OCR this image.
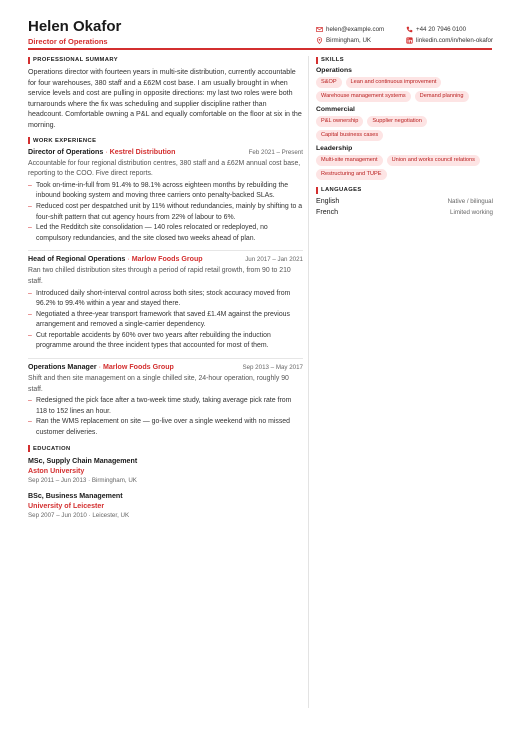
Helen Okafor
Director of Operations
helen@example.com	+44 20 7946 0100
Birmingham, UK	linkedin.com/in/helen-okafor
PROFESSIONAL SUMMARY

Operations director with fourteen years in multi-site distribution, currently accountable for four warehouses, 380 staff and a £62M cost base. I am usually brought in when service levels and cost are pulling in opposite directions: my last two roles were both turnarounds where the fix was scheduling and supplier discipline rather than headcount. Comfortable owning a P&L and equally comfortable on the floor at six in the morning.

WORK EXPERIENCE
Director of Operations · Kestrel Distribution	Feb 2021 – Present

Accountable for four regional distribution centres, 380 staff and a £62M annual cost base, reporting to the COO. Five direct reports.

– Took on-time-in-full from 91.4% to 98.1% across eighteen months by rebuilding the inbound booking system and moving three carriers onto penalty-backed SLAs.
– Reduced cost per despatched unit by 11% without redundancies, mainly by shifting to a four-shift pattern that cut agency hours from 22% of labour to 6%.
– Led the Redditch site consolidation — 140 roles relocated or redeployed, no compulsory redundancies, and the site closed two weeks ahead of plan.
Head of Regional Operations · Marlow Foods Group	Jun 2017 – Jan 2021

Ran two chilled distribution sites through a period of rapid retail growth, from 90 to 210 staff.

– Introduced daily short-interval control across both sites; stock accuracy moved from 96.2% to 99.4% within a year and stayed there.
– Negotiated a three-year transport framework that saved £1.4M against the previous arrangement and removed a single-carrier dependency.
– Cut reportable accidents by 60% over two years after rebuilding the induction programme around the three incident types that accounted for most of them.
Operations Manager · Marlow Foods Group	Sep 2013 – May 2017

Shift and then site management on a single chilled site, 24-hour operation, roughly 90 staff.

– Redesigned the pick face after a two-week time study, taking average pick rate from 118 to 152 lines an hour.
– Ran the WMS replacement on site — go-live over a single weekend with no missed customer deliveries.
EDUCATION
MSc, Supply Chain Management
Aston University
Sep 2011 – Jun 2013 · Birmingham, UK
BSc, Business Management
University of Leicester
Sep 2007 – Jun 2010 · Leicester, UK
SKILLS
Operations
S&OP	Lean and continuous improvement
Warehouse management systems	Demand planning
Commercial
P&L ownership	Supplier negotiation
Capital business cases
Leadership
Multi-site management	Union and works council relations
Restructuring and TUPE
LANGUAGES
English	Native / bilingual
French	Limited working
